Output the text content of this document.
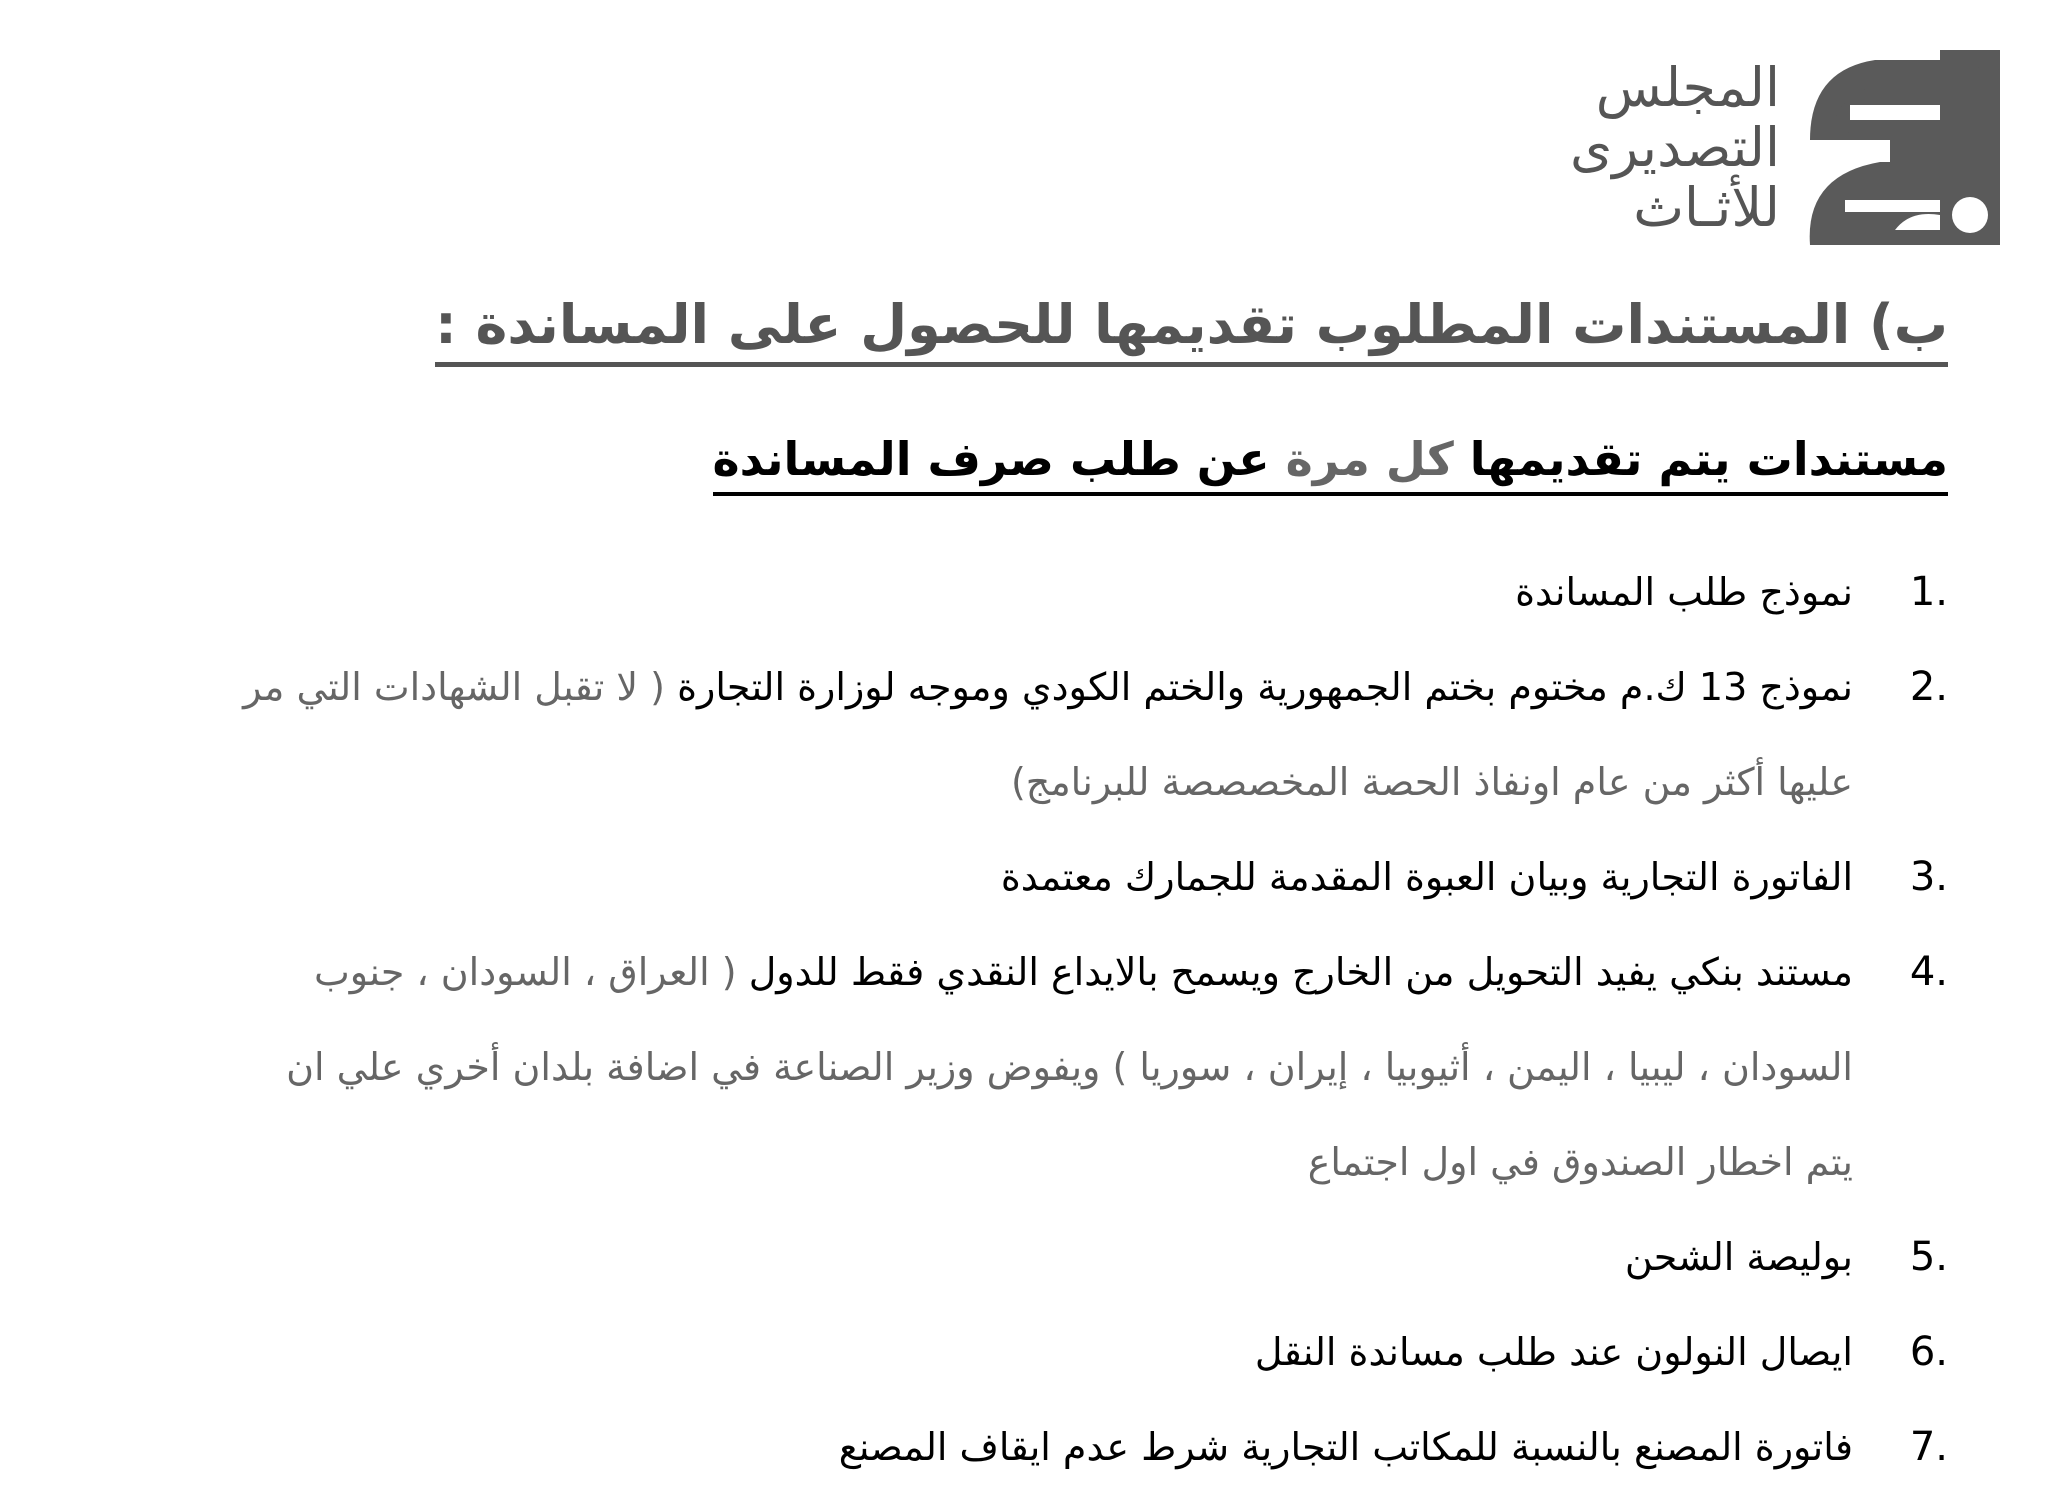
المجلس
التصديرى
للأثـاث
ب) المستندات المطلوب تقديمها للحصول على المساندة :
مستندات يتم تقديمها كل مرة عن طلب صرف المساندة
1.
نموذج طلب المساندة
2.
نموذج 13 ك.م مختوم بختم الجمهورية والختم الكودي وموجه لوزارة التجارة ( لا تقبل الشهادات التي مر
عليها أكثر من عام اونفاذ الحصة المخصصصة للبرنامج)
3.
الفاتورة التجارية وبيان العبوة المقدمة للجمارك معتمدة
4.
مستند بنكي يفيد التحويل من الخارج ويسمح بالايداع النقدي فقط للدول ( العراق ، السودان ، جنوب
السودان ، ليبيا ، اليمن ، أثيوبيا ، إيران ، سوريا ) ويفوض وزير الصناعة في اضافة بلدان أخري علي ان
يتم اخطار الصندوق في اول اجتماع
5.
بوليصة الشحن
6.
ايصال النولون عند طلب مساندة النقل
7.
فاتورة المصنع بالنسبة للمكاتب التجارية شرط عدم ايقاف المصنع
